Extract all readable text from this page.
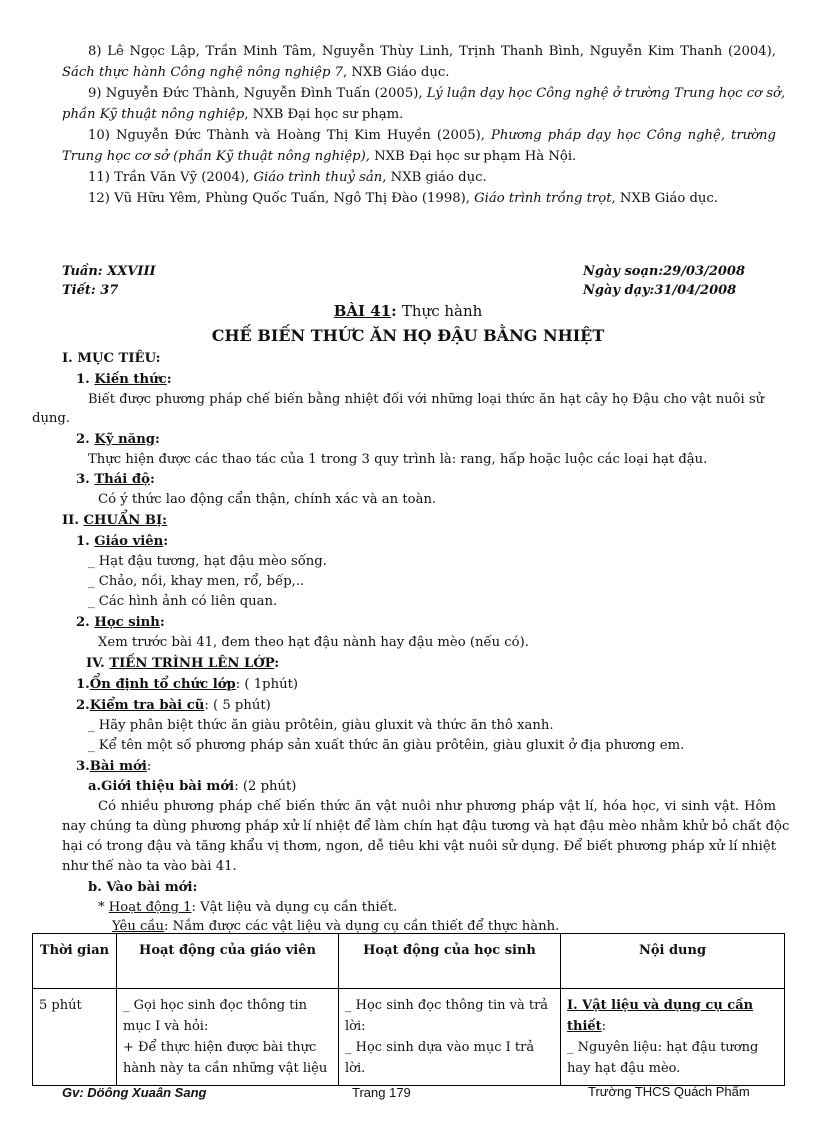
8) Lê Ngọc Lập, Trần Minh Tâm, Nguyễn Thùy Linh, Trịnh Thanh Bình, Nguyễn Kim Thanh (2004),
Sách thực hành Công nghệ nông nghiệp 7, NXB Giáo dục.
9) Nguyễn Đức Thành, Nguyễn Đình Tuấn (2005), Lý luận dạy học Công nghệ ở trường Trung học cơ sở,
phần Kỹ thuật nông nghiệp, NXB Đại học sư phạm.
10) Nguyễn Đức Thành và Hoàng Thị Kim Huyền (2005), Phương pháp dạy học Công nghệ, trường
Trung học cơ sở (phần Kỹ thuật nông nghiệp), NXB Đại học sư phạm Hà Nội.
11) Trần Văn Vỹ (2004), Giáo trình thuỷ sản, NXB giáo dục.
12) Vũ Hữu Yêm, Phùng Quốc Tuấn, Ngô Thị Đào (1998), Giáo trình trồng trọt, NXB Giáo dục.
Tuần: XXVIII
Tiết: 37
Ngày soạn:29/03/2008
Ngày dạy:31/04/2008
BÀI 41: Thực hành
CHẾ BIẾN THỨC ĂN HỌ ĐẬU BẰNG NHIỆT
I. MỤC TIÊU:
1. Kiến thức:
Biết được phương pháp chế biến bằng nhiệt đối với những loại thức ăn hạt cây họ Đậu cho vật nuôi sử
dụng.
2. Kỹ năng:
Thực hiện được các thao tác của 1 trong 3 quy trình là: rang, hấp hoặc luộc các loại hạt đậu.
3. Thái độ:
Có ý thức lao động cẩn thận, chính xác và an toàn.
II. CHUẨN BỊ:
1. Giáo viên:
_ Hạt đậu tương, hạt đậu mèo sống.
_ Chảo, nồi, khay men, rổ, bếp,..
_ Các hình ảnh có liên quan.
2. Học sinh:
Xem trước bài 41, đem theo hạt đậu nành hay đậu mèo (nếu có).
IV. TIẾN TRÌNH LÊN LỚP:
1.Ổn định tổ chức lớp: ( 1phút)
2.Kiểm tra bài cũ: ( 5 phút)
_ Hãy phân biệt thức ăn giàu prôtêin, giàu gluxit và thức ăn thô xanh.
_ Kể tên một số phương pháp sản xuất thức ăn giàu prôtêin, giàu gluxit ở địa phương em.
3.Bài mới:
a.Giới thiệu bài mới: (2 phút)
Có nhiều phương pháp chế biến thức ăn vật nuôi như phương pháp vật lí, hóa học, vi sinh vật. Hôm
nay chúng ta dùng phương pháp xử lí nhiệt để làm chín hạt đậu tương và hạt đậu mèo nhằm khử bỏ chất độc
hại có trong đậu và tăng khẩu vị thơm, ngon, dễ tiêu khi vật nuôi sử dụng. Để biết phương pháp xử lí nhiệt
như thế nào ta vào bài 41.
b. Vào bài mới:
* Hoạt động 1: Vật liệu và dụng cụ cần thiết.
Yêu cầu: Nắm được các vật liệu và dụng cụ cần thiết để thực hành.
Thời gian	Hoạt động của giáo viên	Hoạt động của học sinh	Nội dung

5 phút	_ Gọi học sinh đọc thông tin
mục I và hỏi:
+ Để thực hiện được bài thực
hành này ta cần những vật liệu	_ Học sinh đọc thông tin và trả
lời:
_ Học sinh dựa vào mục I trả
lời.	I. Vật liệu và dụng cụ cần
thiết:
_ Nguyên liệu: hạt đậu tương
hay hạt đậu mèo.
Gv: Döông Xuaân Sang	Trang 179	Trường THCS Quách Phẩm
